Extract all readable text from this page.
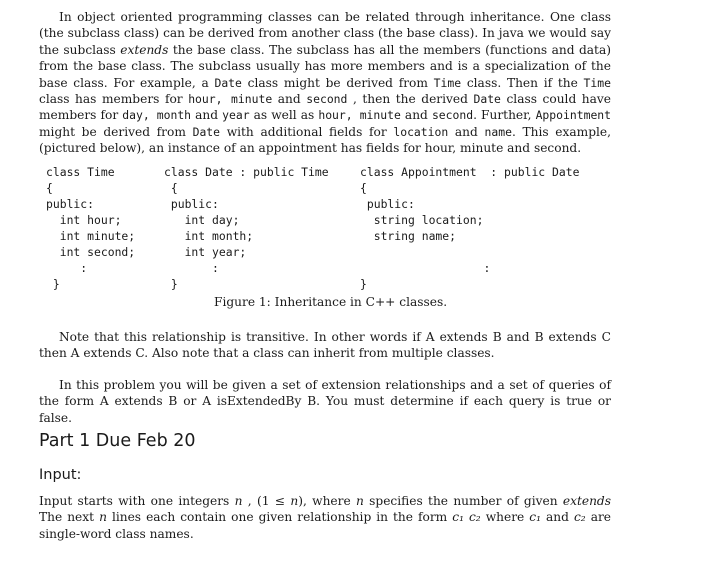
In object oriented programming classes can be related through inheritance. One class (the subclass class) can be derived from another class (the base class). In java we would say the subclass extends the base class. The subclass has all the members (functions and data) from the base class. The subclass usually has more members and is a specialization of the base class. For example, a Date class might be derived from Time class. Then if the Time class has members for hour, minute and second , then the derived Date class could have members for day, month and year as well as hour, minute and second. Further, Appointment might be derived from Date with additional fields for location and name. This example, (pictured below), an instance of an appointment has fields for hour, minute and second.

class Time
{
public:
int hour;
int minute;
int second;
:
}
class Date : public Time
{
public:
int day;
int month;
int year;
:
}
class Appointment  : public Date
{
public:
string location;
string name;

:
}
Figure 1: Inheritance in C++ classes.

Note that this relationship is transitive. In other words if A extends B and B extends C then A extends C. Also note that a class can inherit from multiple classes.

In this problem you will be given a set of extension relationships and a set of queries of the form A extends B or A isExtendedBy B. You must determine if each query is true or false.

Part 1 Due Feb 20
Input:

Input starts with one integers n , (1 ≤ n), where n specifies the number of given extends The next n lines each contain one given relationship in the form c₁ c₂ where c₁ and c₂ are single-word class names.
